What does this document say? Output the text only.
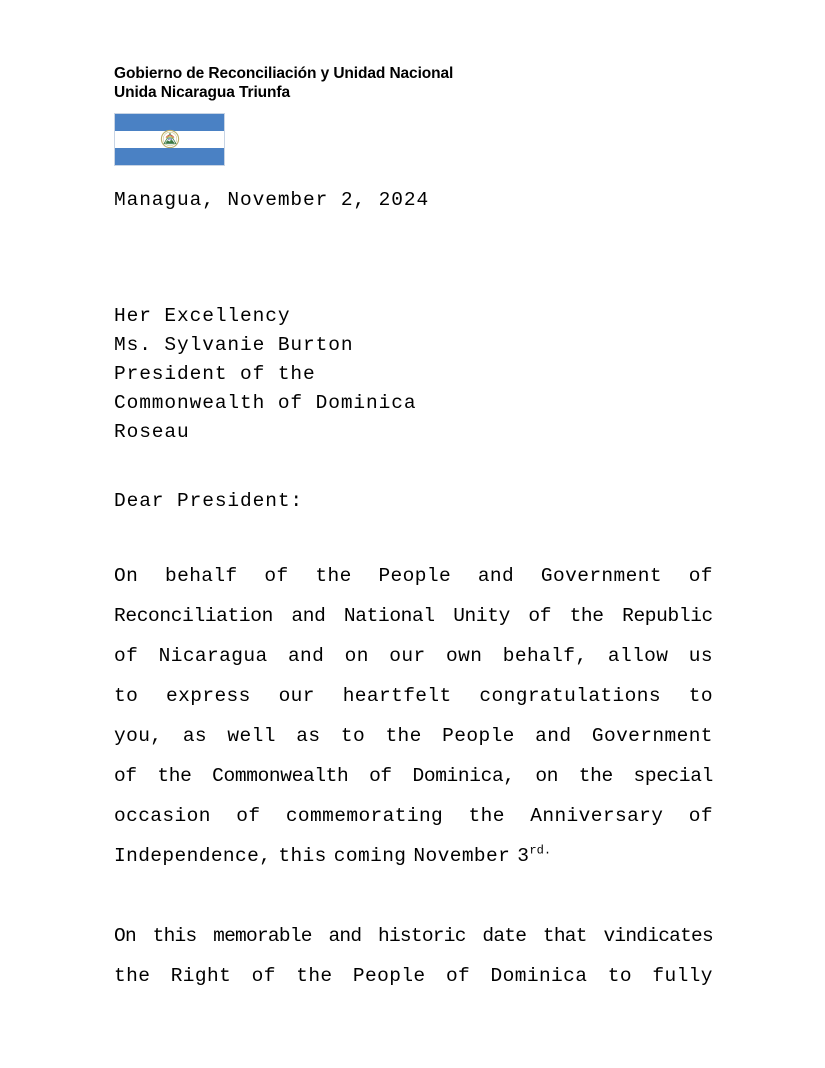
Gobierno de Reconciliación y Unidad Nacional
Unida Nicaragua Triunfa
Managua, November 2, 2024
Her Excellency
Ms. Sylvanie Burton
President of the
Commonwealth of Dominica
Roseau
Dear President:
On behalf of the People and Government of
Reconciliation and National Unity of the Republic
of Nicaragua and on our own behalf, allow us
to express our heartfelt congratulations to
you, as well as to the People and Government
of the Commonwealth of Dominica, on the special
occasion of commemorating the Anniversary of
Independence, this coming November $3^{rd.}$
On this memorable and historic date that vindicates
the Right of the People of Dominica to fully
